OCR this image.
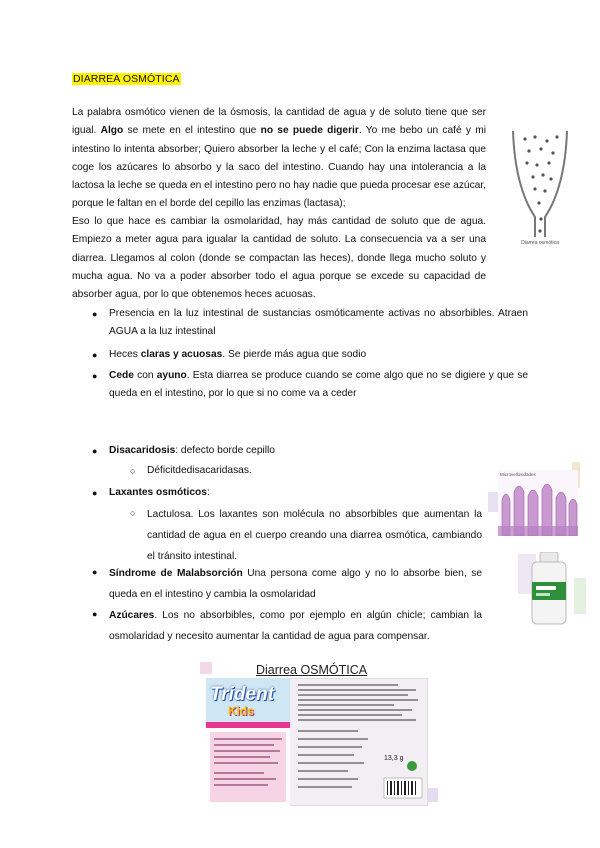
DIARREA OSMÓTICA

La palabra osmótico vienen de la ósmosis, la cantidad de agua y de soluto tiene que ser igual. Algo se mete en el intestino que no se puede digerir. Yo me bebo un café y mi intestino lo intenta absorber; Quiero absorber la leche y el café; Con la enzima lactasa que coge los azúcares lo absorbo y la saco del intestino. Cuando hay una intolerancia a la lactosa la leche se queda en el intestino pero no hay nadie que pueda procesar ese azúcar, porque le faltan en el borde del cepillo las enzimas (lactasa);

Eso lo que hace es cambiar la osmolaridad, hay más cantidad de soluto que de agua. Empiezo a meter agua para igualar la cantidad de soluto. La consecuencia va a ser una diarrea. Llegamos al colon (donde se compactan las heces), donde llega mucho soluto y mucha agua. No va a poder absorber todo el agua porque se excede su capacidad de absorber agua, por lo que obtenemos heces acuosas.

Diarrea osmótica
● Presencia en la luz intestinal de sustancias osmóticamente activas no absorbibles. Atraen AGUA a la luz intestinal
● Heces claras y acuosas. Se pierde más agua que sodio
● Cede con ayuno. Esta diarrea se produce cuando se come algo que no se digiere y que se queda en el intestino, por lo que si no come va a ceder
● Disacaridosis: defecto borde cepillo
○ Déficitdedisacaridasas.
● Laxantes osmóticos:
○ Lactulosa. Los laxantes son molécula no absorbibles que aumentan la cantidad de agua en el cuerpo creando una diarrea osmótica, cambiando el tránsito intestinal.
● Síndrome de Malabsorción Una persona come algo y no lo absorbe bien, se queda en el intestino y cambia la osmolaridad
● Azúcares. Los no absorbibles, como por ejemplo en algún chicle; cambian la osmolaridad y necesito aumentar la cantidad de agua para compensar.
Microvellosidades
Diarrea OSMÓTICA
Trident
Kids
13,3 g
